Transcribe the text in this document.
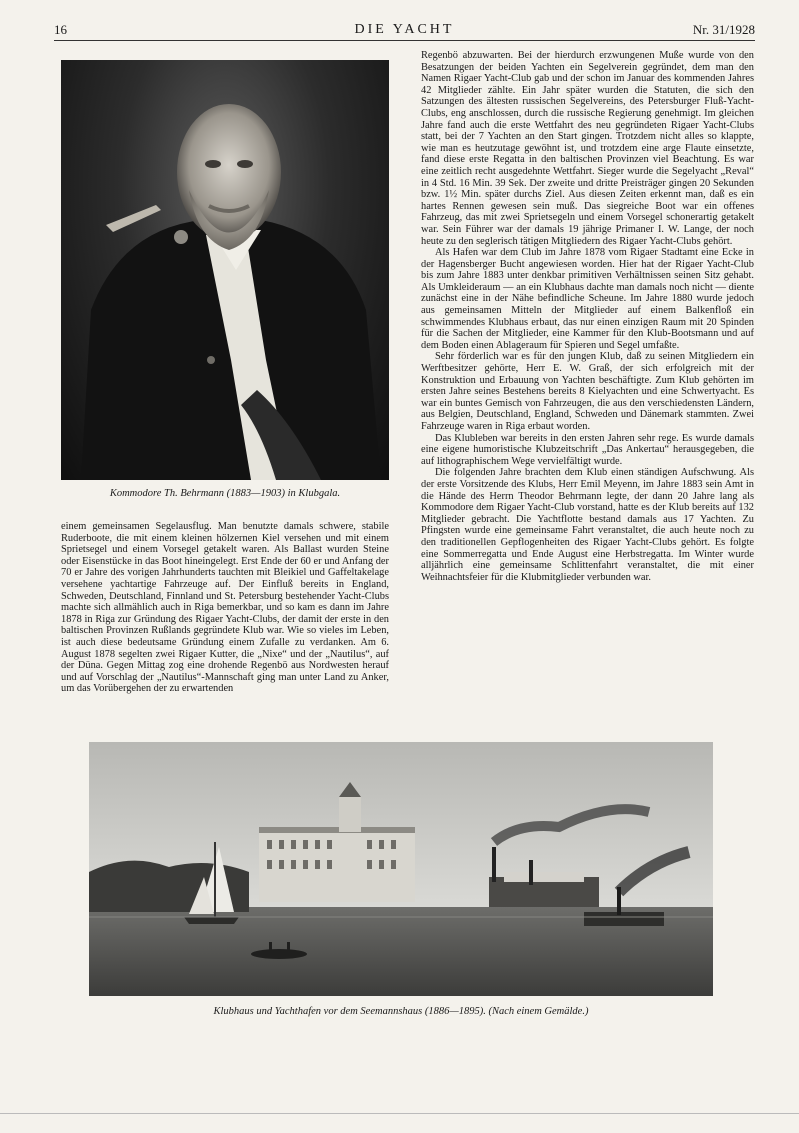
16	DIE YACHT	Nr. 31/1928
Kommodore Th. Behrmann (1883—1903) in Klubgala.

Regenbö abzuwarten. Bei der hierdurch erzwungenen Muße wurde von den Besatzungen der beiden Yachten ein Segelverein gegründet, dem man den Namen Rigaer Yacht-Club gab und der schon im Januar des kommenden Jahres 42 Mitglieder zählte. Ein Jahr später wurden die Statuten, die sich den Satzungen des ältesten russischen Segelvereins, des Petersburger Fluß-Yacht-Clubs, eng anschlossen, durch die russische Regierung genehmigt. Im gleichen Jahre fand auch die erste Wettfahrt des neu gegründeten Rigaer Yacht-Clubs statt, bei der 7 Yachten an den Start gingen. Trotzdem nicht alles so klappte, wie man es heutzutage gewöhnt ist, und trotzdem eine arge Flaute einsetzte, fand diese erste Regatta in den baltischen Provinzen viel Beachtung. Es war eine zeitlich recht ausgedehnte Wettfahrt. Sieger wurde die Segelyacht „Reval“ in 4 Std. 16 Min. 39 Sek. Der zweite und dritte Preisträger gingen 20 Sekunden bzw. 1½ Min. später durchs Ziel. Aus diesen Zeiten erkennt man, daß es ein hartes Rennen gewesen sein muß. Das siegreiche Boot war ein offenes Fahrzeug, das mit zwei Sprietsegeln und einem Vorsegel schonerartig getakelt war. Sein Führer war der damals 19 jährige Primaner I. W. Lange, der noch heute zu den seglerisch tätigen Mitgliedern des Rigaer Yacht-Clubs gehört.

Als Hafen war dem Club im Jahre 1878 vom Rigaer Stadtamt eine Ecke in der Hagensberger Bucht angewiesen worden. Hier hat der Rigaer Yacht-Club bis zum Jahre 1883 unter denkbar primitiven Verhältnissen seinen Sitz gehabt. Als Umkleideraum — an ein Klubhaus dachte man damals noch nicht — diente zunächst eine in der Nähe befindliche Scheune. Im Jahre 1880 wurde jedoch aus gemeinsamen Mitteln der Mitglieder auf einem Balkenfloß ein schwimmendes Klubhaus erbaut, das nur einen einzigen Raum mit 20 Spinden für die Sachen der Mitglieder, eine Kammer für den Klub-Bootsmann und auf dem Boden einen Ablageraum für Spieren und Segel umfaßte.

Sehr förderlich war es für den jungen Klub, daß zu seinen Mitgliedern ein Werftbesitzer gehörte, Herr E. W. Graß, der sich erfolgreich mit der Konstruktion und Erbauung von Yachten beschäftigte. Zum Klub gehörten im ersten Jahre seines Bestehens bereits 8 Kielyachten und eine Schwertyacht. Es war ein buntes Gemisch von Fahrzeugen, die aus den verschiedensten Ländern, aus Belgien, Deutschland, England, Schweden und Dänemark stammten. Zwei Fahrzeuge waren in Riga erbaut worden.

Das Klubleben war bereits in den ersten Jahren sehr rege. Es wurde damals eine eigene humoristische Klubzeitschrift „Das Ankertau“ herausgegeben, die auf lithographischem Wege vervielfältigt wurde.

Die folgenden Jahre brachten dem Klub einen ständigen Aufschwung. Als der erste Vorsitzende des Klubs, Herr Emil Meyenn, im Jahre 1883 sein Amt in die Hände des Herrn Theodor Behrmann legte, der dann 20 Jahre lang als Kommodore dem Rigaer Yacht-Club vorstand, hatte es der Klub bereits auf 132 Mitglieder gebracht. Die Yachtflotte bestand damals aus 17 Yachten. Zu Pfingsten wurde eine gemeinsame Fahrt veranstaltet, die auch heute noch zu den traditionellen Gepflogenheiten des Rigaer Yacht-Clubs gehört. Es folgte eine Sommerregatta und Ende August eine Herbstregatta. Im Winter wurde alljährlich eine gemeinsame Schlittenfahrt veranstaltet, die mit einer Weihnachtsfeier für die Klubmitglieder verbunden war.

einem gemeinsamen Segelausflug. Man benutzte damals schwere, stabile Ruderboote, die mit einem kleinen hölzernen Kiel versehen und mit einem Sprietsegel und einem Vorsegel getakelt waren. Als Ballast wurden Steine oder Eisenstücke in das Boot hineingelegt. Erst Ende der 60 er und Anfang der 70 er Jahre des vorigen Jahrhunderts tauchten mit Bleikiel und Gaffeltakelage versehene yachtartige Fahrzeuge auf. Der Einfluß bereits in England, Schweden, Deutschland, Finnland und St. Petersburg bestehender Yacht-Clubs machte sich allmählich auch in Riga bemerkbar, und so kam es dann im Jahre 1878 in Riga zur Gründung des Rigaer Yacht-Clubs, der damit der erste in den baltischen Provinzen Rußlands gegründete Klub war. Wie so vieles im Leben, ist auch diese bedeutsame Gründung einem Zufalle zu verdanken. Am 6. August 1878 segelten zwei Rigaer Kutter, die „Nixe“ und der „Nautilus“, auf der Düna. Gegen Mittag zog eine drohende Regenbö aus Nordwesten herauf und auf Vorschlag der „Nautilus“-Mannschaft ging man unter Land zu Anker, um das Vorübergehen der zu erwartenden

Klubhaus und Yachthafen vor dem Seemannshaus (1886—1895). (Nach einem Gemälde.)
